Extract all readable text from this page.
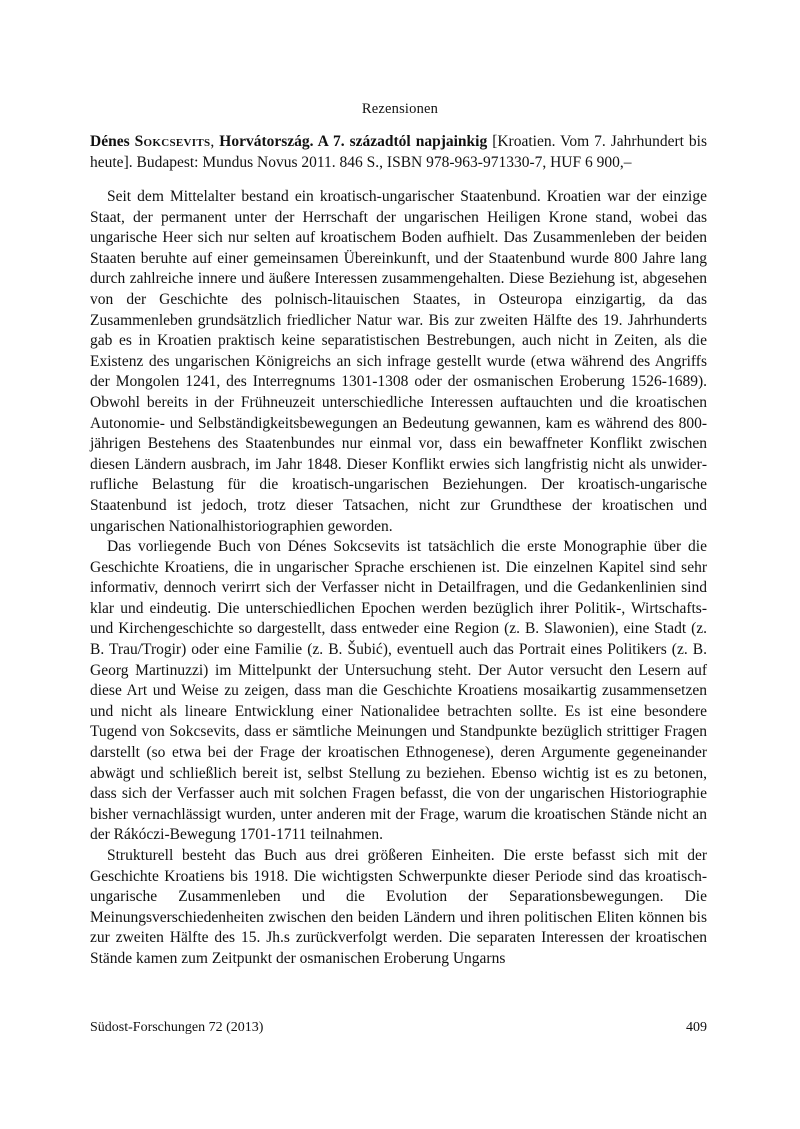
Rezensionen
Dénes Sokcsevits, Horvátország. A 7. századtól napjainkig [Kroatien. Vom 7. Jahrhundert bis heute]. Budapest: Mundus Novus 2011. 846 S., ISBN 978-963-971330-7, HUF 6 900,–

Seit dem Mittelalter bestand ein kroatisch-ungarischer Staatenbund. Kroatien war der einzige Staat, der permanent unter der Herrschaft der ungarischen Heiligen Krone stand, wobei das ungarische Heer sich nur selten auf kroatischem Boden aufhielt. Das Zusammenleben der beiden Staaten beruhte auf einer gemeinsamen Übereinkunft, und der Staatenbund wurde 800 Jahre lang durch zahlreiche innere und äußere Interessen zusammengehalten. Diese Beziehung ist, abgesehen von der Geschichte des polnisch-litauischen Staates, in Osteuropa einzigartig, da das Zusammenleben grundsätzlich friedlicher Natur war. Bis zur zweiten Hälfte des 19. Jahrhunderts gab es in Kroatien praktisch keine separatistischen Bestrebungen, auch nicht in Zeiten, als die Existenz des ungarischen Königreichs an sich infrage gestellt wurde (etwa während des Angriffs der Mongolen 1241, des Interregnums 1301-1308 oder der osmanischen Eroberung 1526-1689). Obwohl bereits in der Frühneuzeit unterschiedliche Interessen auftauchten und die kroatischen Autonomie- und Selbständigkeitsbewegungen an Bedeutung gewannen, kam es während des 800-jährigen Bestehens des Staatenbundes nur einmal vor, dass ein bewaffneter Konflikt zwischen diesen Ländern ausbrach, im Jahr 1848. Dieser Konflikt erwies sich langfristig nicht als unwiderrufliche Belastung für die kroatisch-ungarischen Beziehungen. Der kroatisch-ungarische Staatenbund ist jedoch, trotz dieser Tatsachen, nicht zur Grundthese der kroatischen und ungarischen Nationalhistoriographien geworden.

Das vorliegende Buch von Dénes Sokcsevits ist tatsächlich die erste Monographie über die Geschichte Kroatiens, die in ungarischer Sprache erschienen ist. Die einzelnen Kapitel sind sehr informativ, dennoch verirrt sich der Verfasser nicht in Detailfragen, und die Gedankenlinien sind klar und eindeutig. Die unterschiedlichen Epochen werden bezüglich ihrer Politik-, Wirtschafts- und Kirchengeschichte so dargestellt, dass entweder eine Region (z. B. Slawonien), eine Stadt (z. B. Trau/Trogir) oder eine Familie (z. B. Šubić), eventuell auch das Portrait eines Politikers (z. B. Georg Martinuzzi) im Mittelpunkt der Untersuchung steht. Der Autor versucht den Lesern auf diese Art und Weise zu zeigen, dass man die Geschichte Kroatiens mosaikartig zusammensetzen und nicht als lineare Entwicklung einer Nationalidee betrachten sollte. Es ist eine besondere Tugend von Sokcsevits, dass er sämtliche Meinungen und Standpunkte bezüglich strittiger Fragen darstellt (so etwa bei der Frage der kroatischen Ethnogenese), deren Argumente gegeneinander abwägt und schließlich bereit ist, selbst Stellung zu beziehen. Ebenso wichtig ist es zu betonen, dass sich der Verfasser auch mit solchen Fragen befasst, die von der ungarischen Historiographie bisher vernachlässigt wurden, unter anderen mit der Frage, warum die kroatischen Stände nicht an der Rákóczi-Bewegung 1701-1711 teilnahmen.

Strukturell besteht das Buch aus drei größeren Einheiten. Die erste befasst sich mit der Geschichte Kroatiens bis 1918. Die wichtigsten Schwerpunkte dieser Periode sind das kroatisch-ungarische Zusammenleben und die Evolution der Separationsbewegungen. Die Meinungsverschiedenheiten zwischen den beiden Ländern und ihren politischen Eliten können bis zur zweiten Hälfte des 15. Jh.s zurückverfolgt werden. Die separaten Interessen der kroatischen Stände kamen zum Zeitpunkt der osmanischen Eroberung Ungarns

Südost-Forschungen 72 (2013)	409
